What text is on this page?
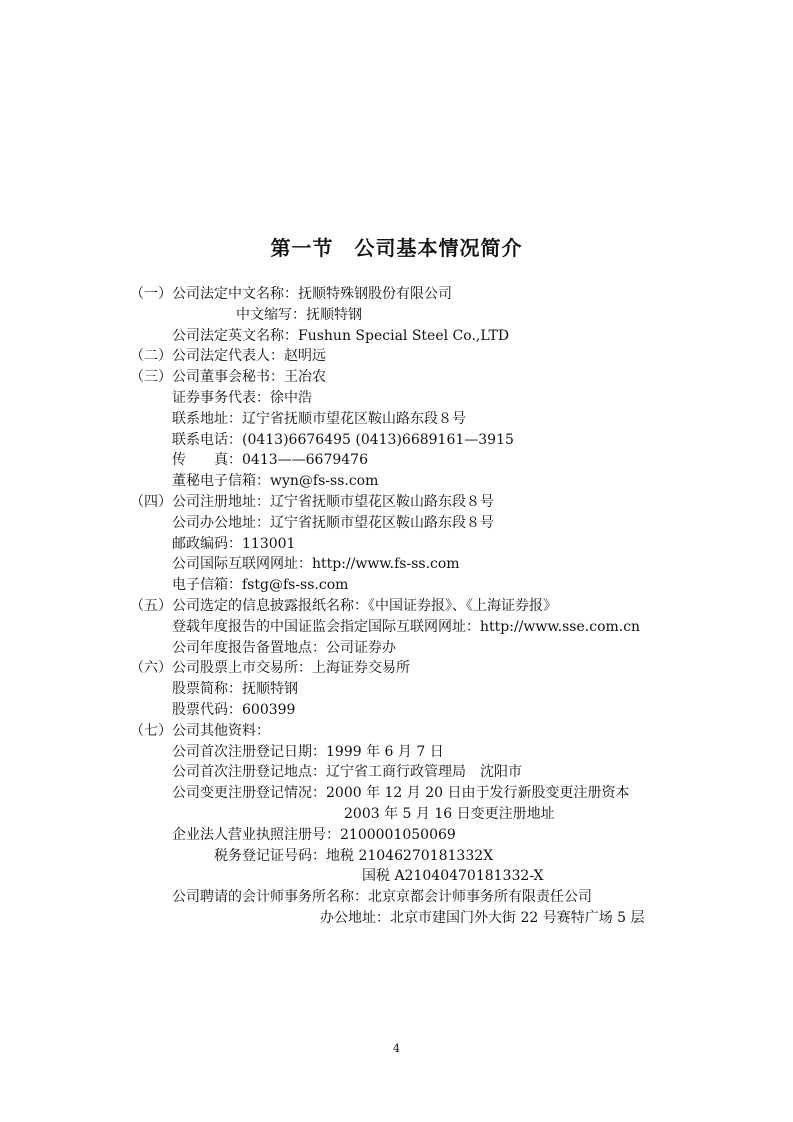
第一节　公司基本情况简介
（一）公司法定中文名称：抚顺特殊钢股份有限公司
中文缩写：抚顺特钢
公司法定英文名称：Fushun Special Steel Co.,LTD
（二）公司法定代表人：赵明远
（三）公司董事会秘书：王冶农
证券事务代表：徐中浩
联系地址：辽宁省抚顺市望花区鞍山路东段８号
联系电话：(0413)6676495 (0413)6689161—3915
传　　真：0413——6679476
董秘电子信箱：wyn@fs-ss.com
（四）公司注册地址：辽宁省抚顺市望花区鞍山路东段８号
公司办公地址：辽宁省抚顺市望花区鞍山路东段８号
邮政编码：113001
公司国际互联网网址：http://www.fs-ss.com
电子信箱：fstg@fs-ss.com
（五）公司选定的信息披露报纸名称：《中国证券报》、《上海证券报》
登载年度报告的中国证监会指定国际互联网网址：http://www.sse.com.cn
公司年度报告备置地点：公司证券办
（六）公司股票上市交易所：上海证券交易所
股票简称：抚顺特钢
股票代码：600399
（七）公司其他资料：
公司首次注册登记日期：1999 年 6 月 7 日
公司首次注册登记地点：辽宁省工商行政管理局　沈阳市
公司变更注册登记情况：2000 年 12 月 20 日由于发行新股变更注册资本
2003 年 5 月 16 日变更注册地址
企业法人营业执照注册号：2100001050069
税务登记证号码：地税 21046270181332X
国税 A21040470181332-X
公司聘请的会计师事务所名称：北京京都会计师事务所有限责任公司
办公地址：北京市建国门外大街 22 号赛特广场 5 层
4
